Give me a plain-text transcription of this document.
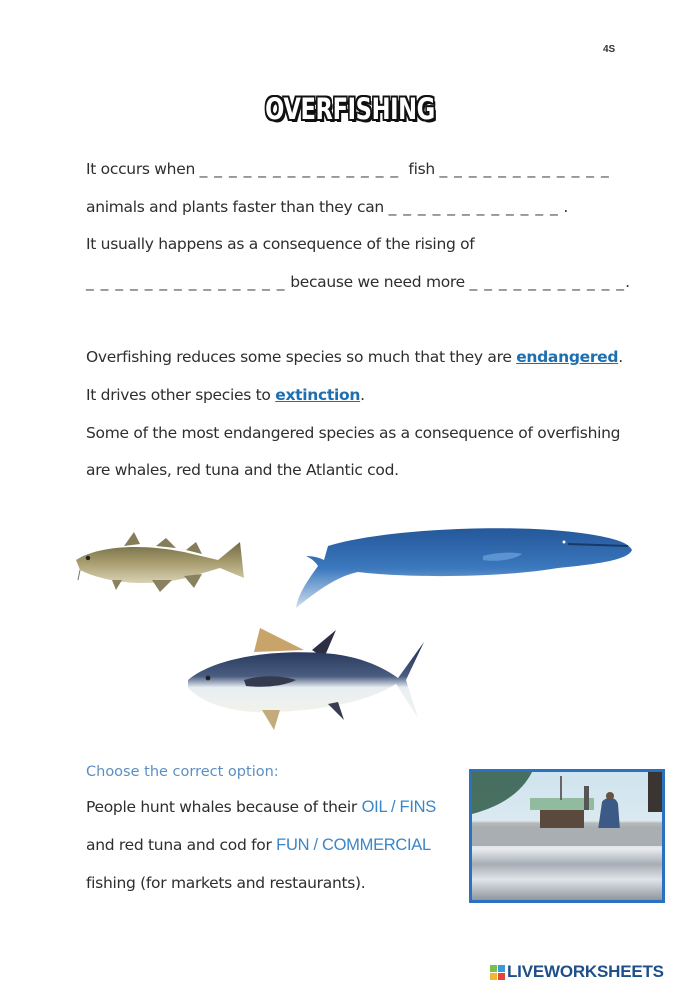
4S
OVERFISHING
It occurs when _ _ _ _ _ _ _ _ _ _ _ _ _ _  fish _ _ _ _ _ _ _ _ _ _ _ _
animals and plants faster than they can _ _ _ _ _ _ _ _ _ _ _ _ .
It usually happens as a consequence of the rising of
_ _ _ _ _ _ _ _ _ _ _ _ _ _ because we need more _ _ _ _ _ _ _ _ _ _ _.
Overfishing reduces some species so much that they are endangered.
It drives other species to extinction.
Some of the most endangered species as a consequence of overfishing
are whales, red tuna and the Atlantic cod.
Choose the correct option:
People hunt whales because of their OIL / FINS
and red tuna and cod for FUN / COMMERCIAL
fishing (for markets and restaurants).
LIVEWORKSHEETS
